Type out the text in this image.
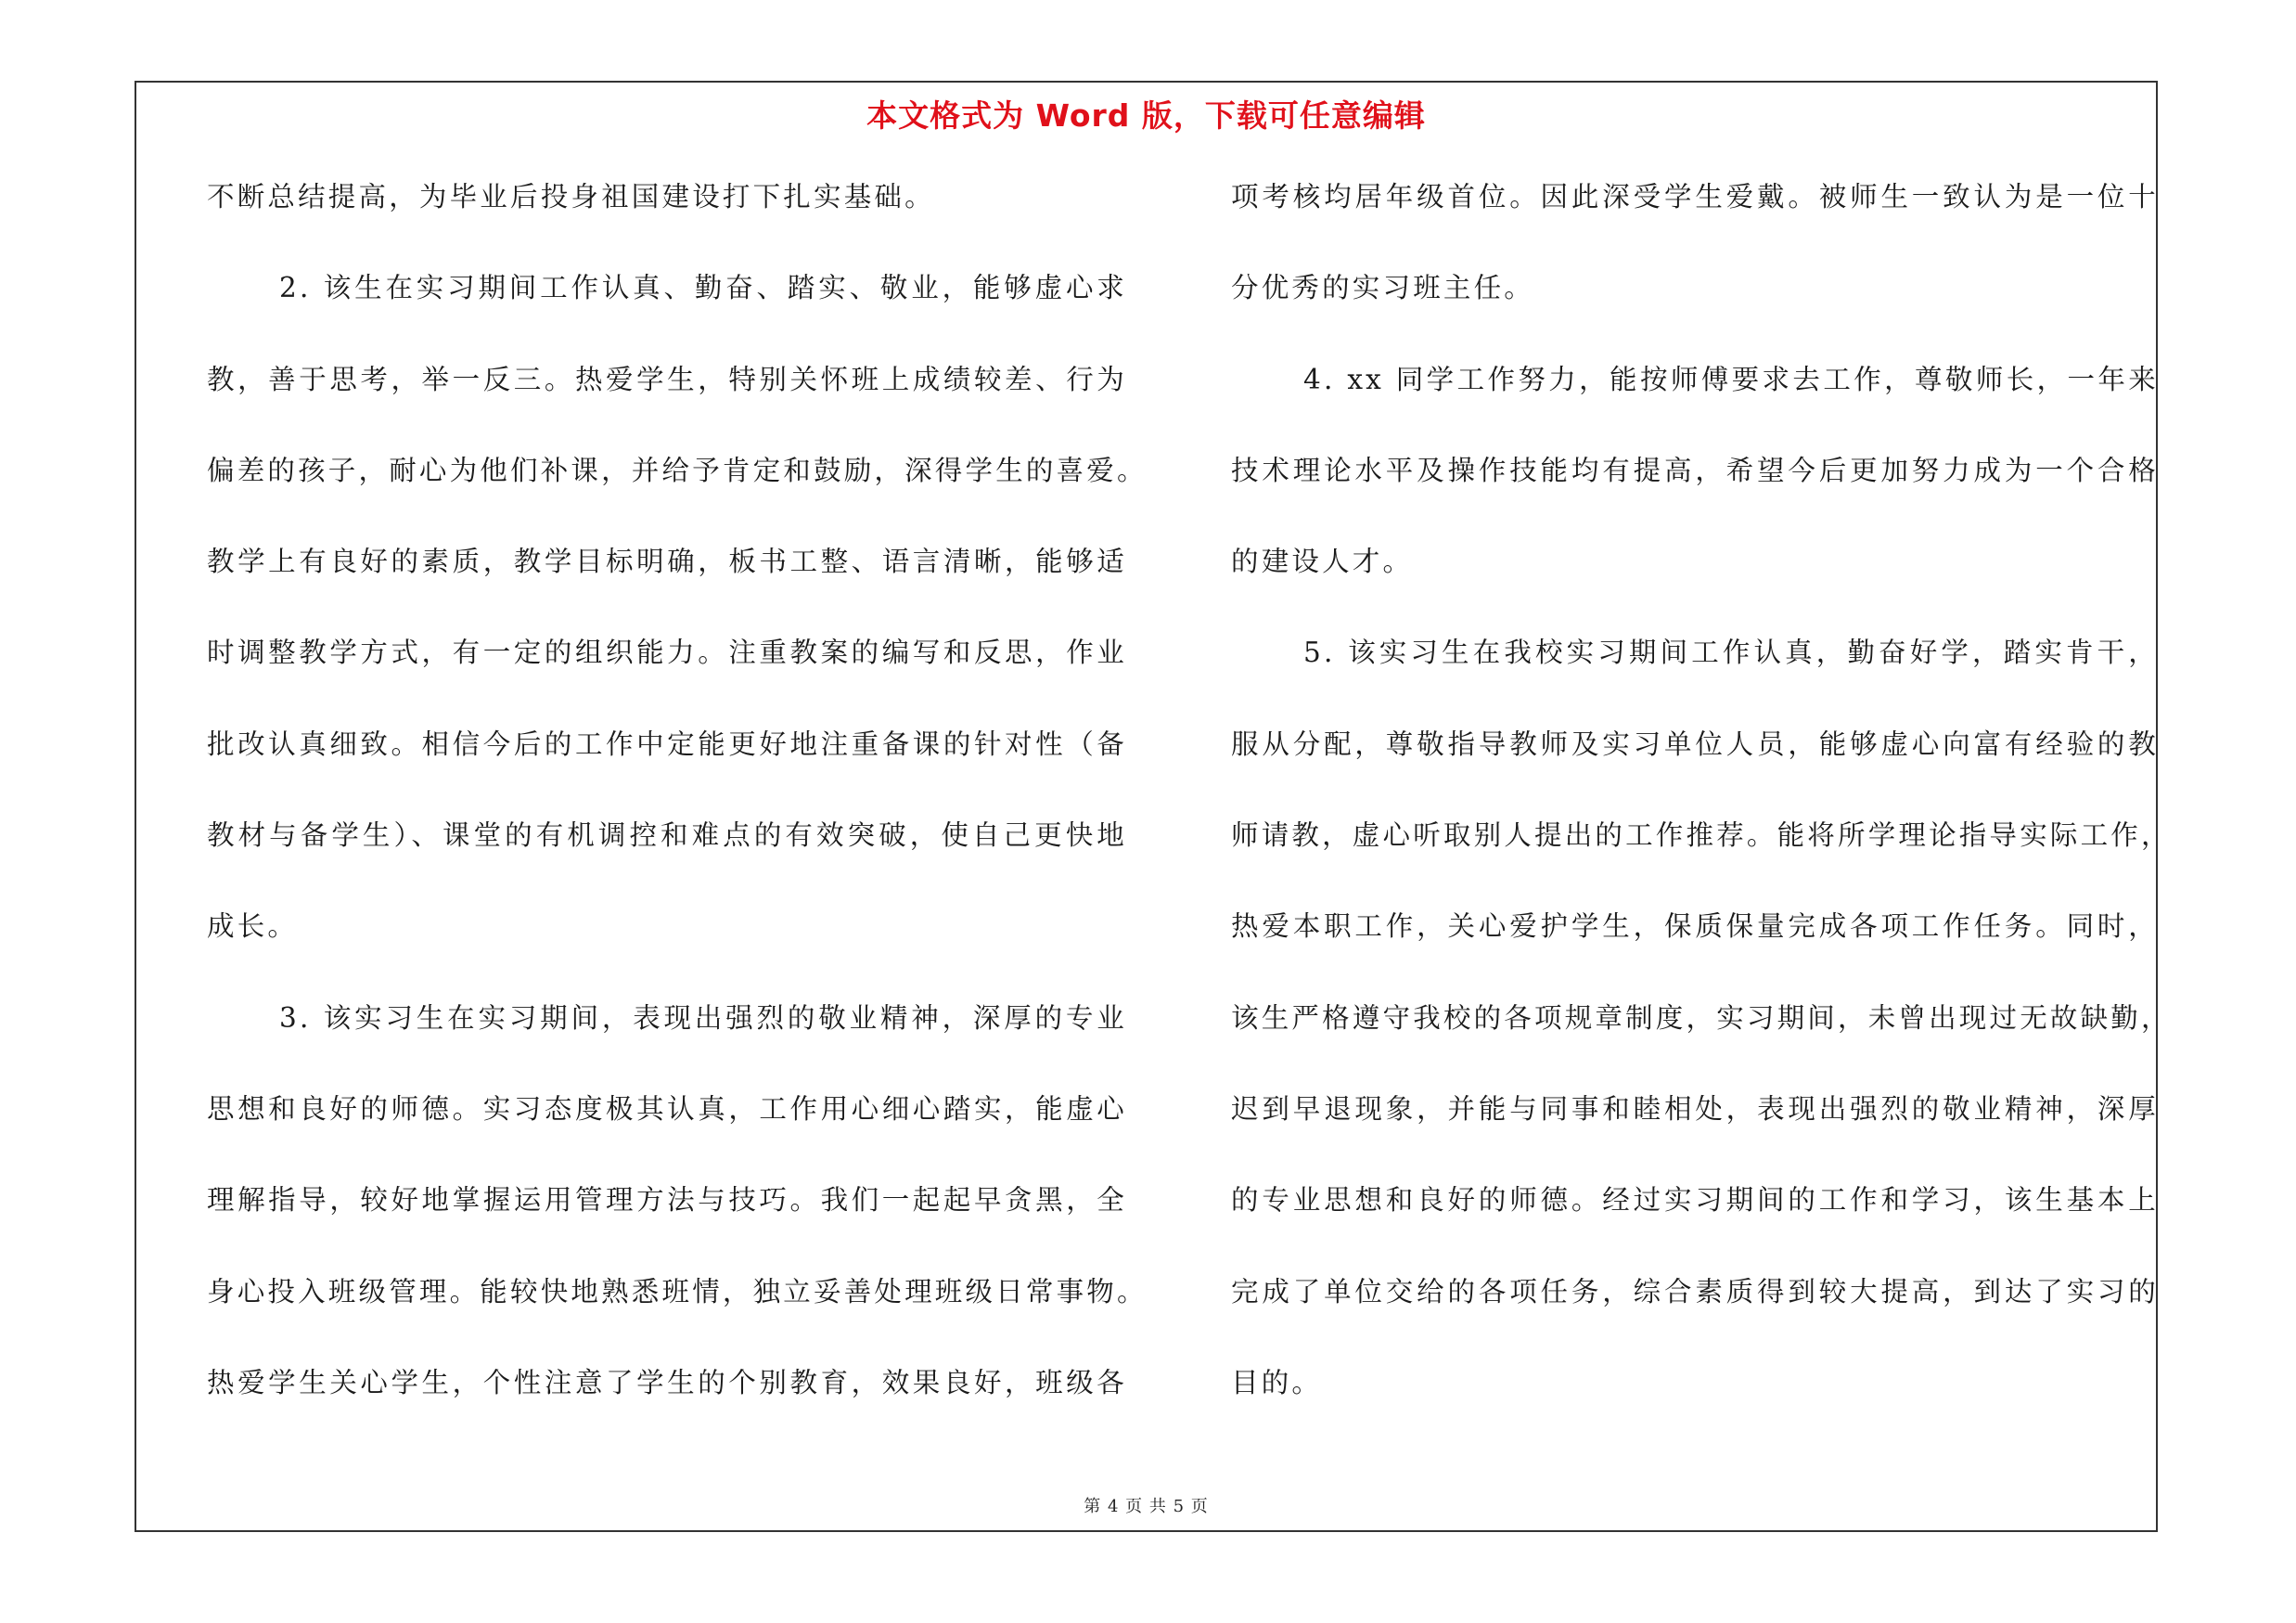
本文格式为 Word 版，下载可任意编辑
不断总结提高，为毕业后投身祖国建设打下扎实基础。
2. 该生在实习期间工作认真、勤奋、踏实、敬业，能够虚心求
教，善于思考，举一反三。热爱学生，特别关怀班上成绩较差、行为
偏差的孩子，耐心为他们补课，并给予肯定和鼓励，深得学生的喜爱。
教学上有良好的素质，教学目标明确，板书工整、语言清晰，能够适
时调整教学方式，有一定的组织能力。注重教案的编写和反思，作业
批改认真细致。相信今后的工作中定能更好地注重备课的针对性（备
教材与备学生）、课堂的有机调控和难点的有效突破，使自己更快地
成长。
3. 该实习生在实习期间，表现出强烈的敬业精神，深厚的专业
思想和良好的师德。实习态度极其认真，工作用心细心踏实，能虚心
理解指导，较好地掌握运用管理方法与技巧。我们一起起早贪黑，全
身心投入班级管理。能较快地熟悉班情，独立妥善处理班级日常事物。
热爱学生关心学生，个性注意了学生的个别教育，效果良好，班级各
项考核均居年级首位。因此深受学生爱戴。被师生一致认为是一位十
分优秀的实习班主任。
4. xx 同学工作努力，能按师傅要求去工作，尊敬师长，一年来
技术理论水平及操作技能均有提高，希望今后更加努力成为一个合格
的建设人才。
5. 该实习生在我校实习期间工作认真，勤奋好学，踏实肯干，
服从分配，尊敬指导教师及实习单位人员，能够虚心向富有经验的教
师请教，虚心听取别人提出的工作推荐。能将所学理论指导实际工作，
热爱本职工作，关心爱护学生，保质保量完成各项工作任务。同时，
该生严格遵守我校的各项规章制度，实习期间，未曾出现过无故缺勤，
迟到早退现象，并能与同事和睦相处，表现出强烈的敬业精神，深厚
的专业思想和良好的师德。经过实习期间的工作和学习，该生基本上
完成了单位交给的各项任务，综合素质得到较大提高，到达了实习的
目的。
第 4 页 共 5 页
